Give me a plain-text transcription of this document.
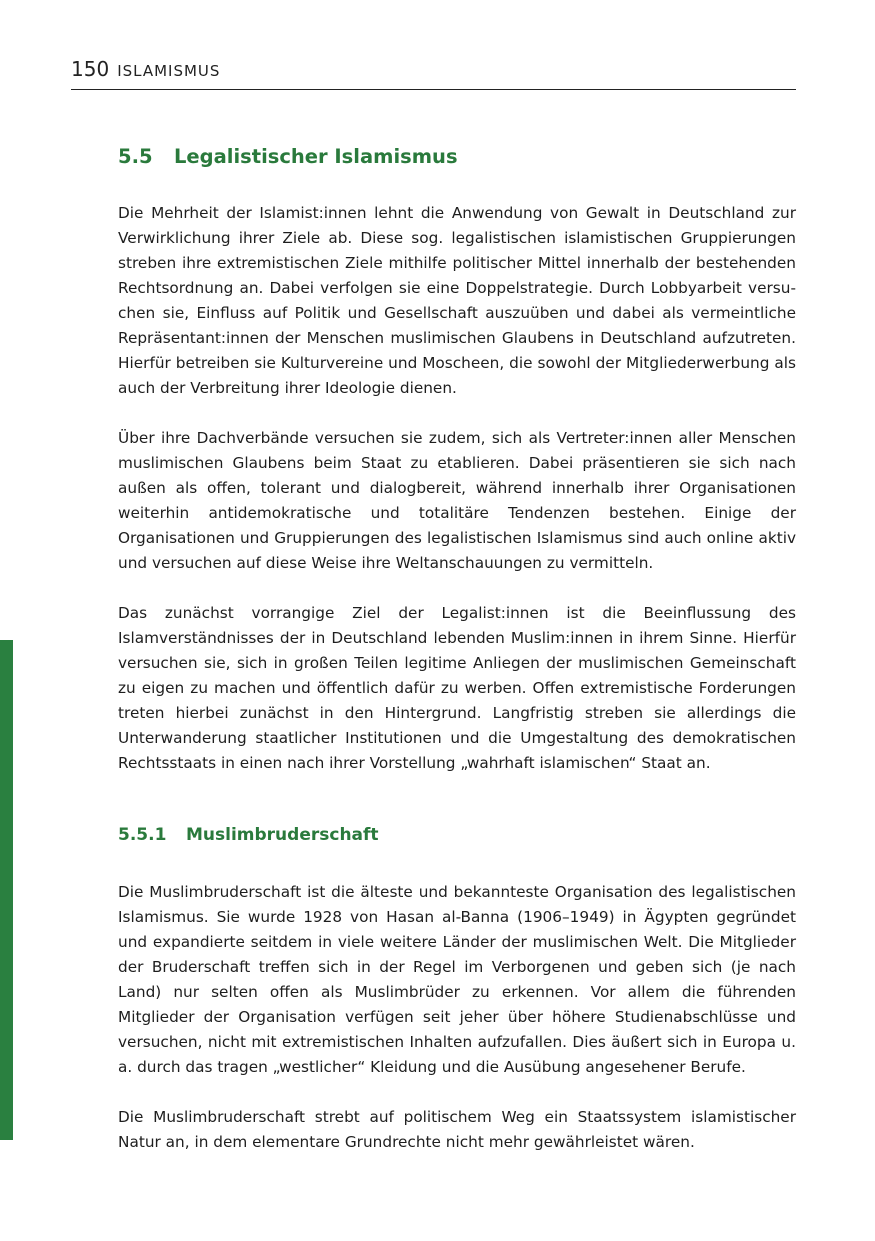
150 ISLAMISMUS
5.5 Legalistischer Islamismus

Die Mehrheit der Islamist:innen lehnt die Anwendung von Gewalt in Deutschland zur Verwirklichung ihrer Ziele ab. Diese sog. legalistischen islamistischen Gruppierungen streben ihre extremistischen Ziele mithilfe politischer Mittel innerhalb der bestehenden Rechtsordnung an. Dabei verfolgen sie eine Doppelstrategie. Durch Lobbyarbeit versuchen sie, Einfluss auf Politik und Gesellschaft auszuüben und dabei als vermeintliche Repräsentant:innen der Menschen muslimischen Glaubens in Deutschland aufzutreten. Hierfür betreiben sie Kulturvereine und Moscheen, die sowohl der Mitgliederwerbung als auch der Verbreitung ihrer Ideologie dienen.

Über ihre Dachverbände versuchen sie zudem, sich als Vertreter:innen aller Menschen muslimischen Glaubens beim Staat zu etablieren. Dabei präsentieren sie sich nach außen als offen, tolerant und dialogbereit, während innerhalb ihrer Organisationen weiterhin antidemokratische und totalitäre Tendenzen bestehen. Einige der Organisationen und Gruppierungen des legalistischen Islamismus sind auch online aktiv und versuchen auf diese Weise ihre Weltanschauungen zu vermitteln.

Das zunächst vorrangige Ziel der Legalist:innen ist die Beeinflussung des Islamverständnisses der in Deutschland lebenden Muslim:innen in ihrem Sinne. Hierfür versuchen sie, sich in großen Teilen legitime Anliegen der muslimischen Gemeinschaft zu eigen zu machen und öffentlich dafür zu werben. Offen extremistische Forderungen treten hierbei zunächst in den Hintergrund. Langfristig streben sie allerdings die Unterwanderung staatlicher Institutionen und die Umgestaltung des demokratischen Rechtsstaats in einen nach ihrer Vorstellung „wahrhaft islamischen“ Staat an.

5.5.1 Muslimbruderschaft

Die Muslimbruderschaft ist die älteste und bekannteste Organisation des legalistischen Islamismus. Sie wurde 1928 von Hasan al-Banna (1906–1949) in Ägypten gegründet und expandierte seitdem in viele weitere Länder der muslimischen Welt. Die Mitglieder der Bruderschaft treffen sich in der Regel im Verborgenen und geben sich (je nach Land) nur selten offen als Muslimbrüder zu erkennen. Vor allem die führenden Mitglieder der Organisation verfügen seit jeher über höhere Studienabschlüsse und versuchen, nicht mit extremistischen Inhalten aufzufallen. Dies äußert sich in Europa u. a. durch das tragen „westlicher“ Kleidung und die Ausübung angesehener Berufe.

Die Muslimbruderschaft strebt auf politischem Weg ein Staatssystem islamistischer Natur an, in dem elementare Grundrechte nicht mehr gewährleistet wären.
